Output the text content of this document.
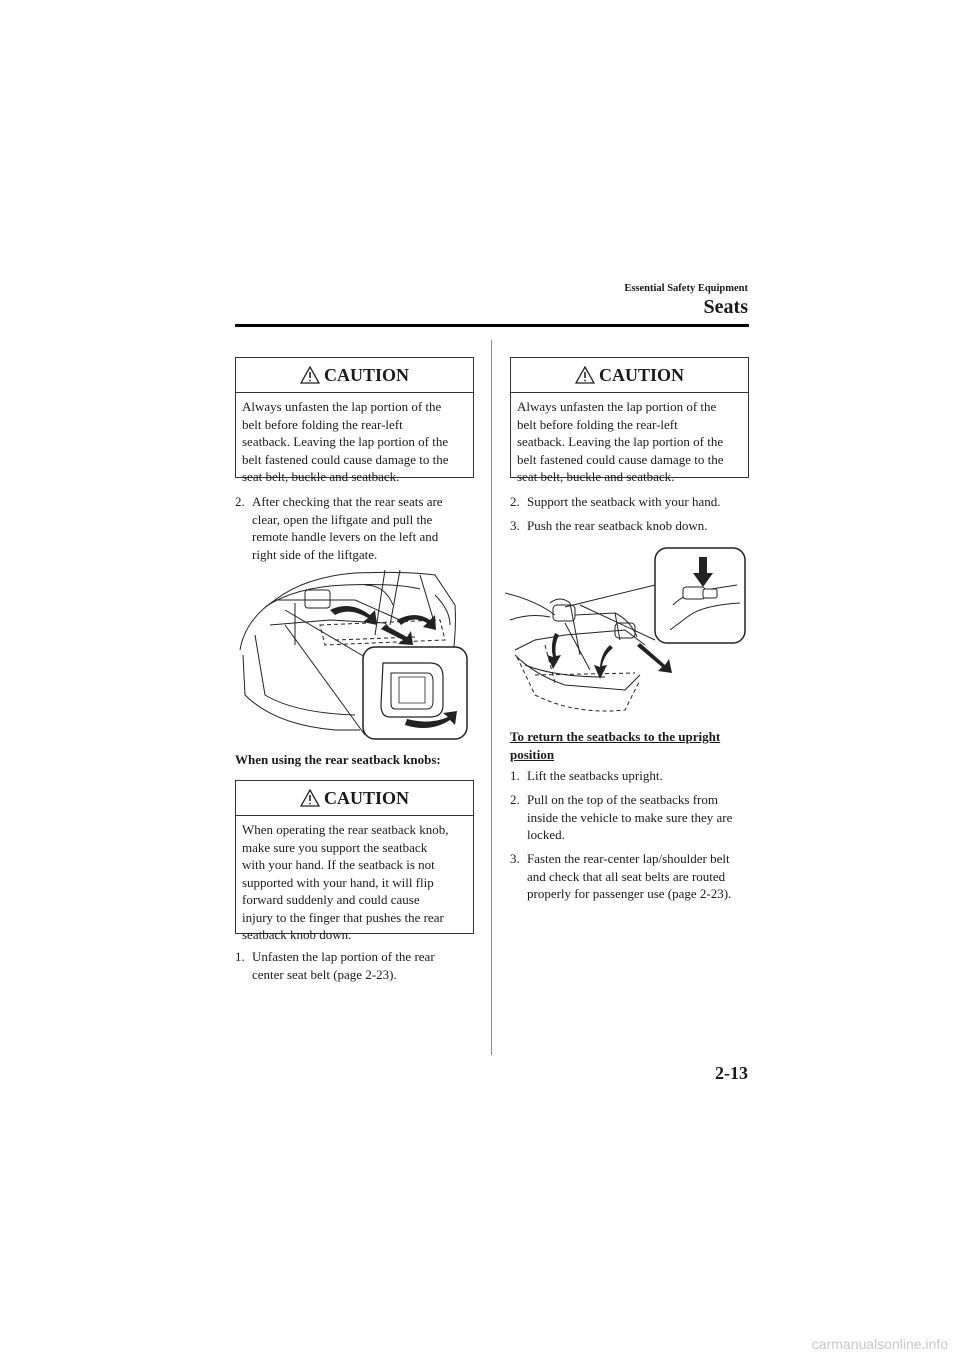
Essential Safety Equipment
Seats
CAUTION
Always unfasten the lap portion of the
belt before folding the rear-left
seatback. Leaving the lap portion of the
belt fastened could cause damage to the
seat belt, buckle and seatback.
2. After checking that the rear seats are
clear, open the liftgate and pull the
remote handle levers on the left and
right side of the liftgate.
When using the rear seatback knobs:
CAUTION
When operating the rear seatback knob,
make sure you support the seatback
with your hand. If the seatback is not
supported with your hand, it will flip
forward suddenly and could cause
injury to the finger that pushes the rear
seatback knob down.
1. Unfasten the lap portion of the rear
center seat belt (page 2-23).
CAUTION
Always unfasten the lap portion of the
belt before folding the rear-left
seatback. Leaving the lap portion of the
belt fastened could cause damage to the
seat belt, buckle and seatback.
2. Support the seatback with your hand.
3. Push the rear seatback knob down.
To return the seatbacks to the upright
position
1. Lift the seatbacks upright.
2. Pull on the top of the seatbacks from
inside the vehicle to make sure they are
locked.
3. Fasten the rear-center lap/shoulder belt
and check that all seat belts are routed
properly for passenger use (page 2-23).
2-13
carmanualsonline.info
